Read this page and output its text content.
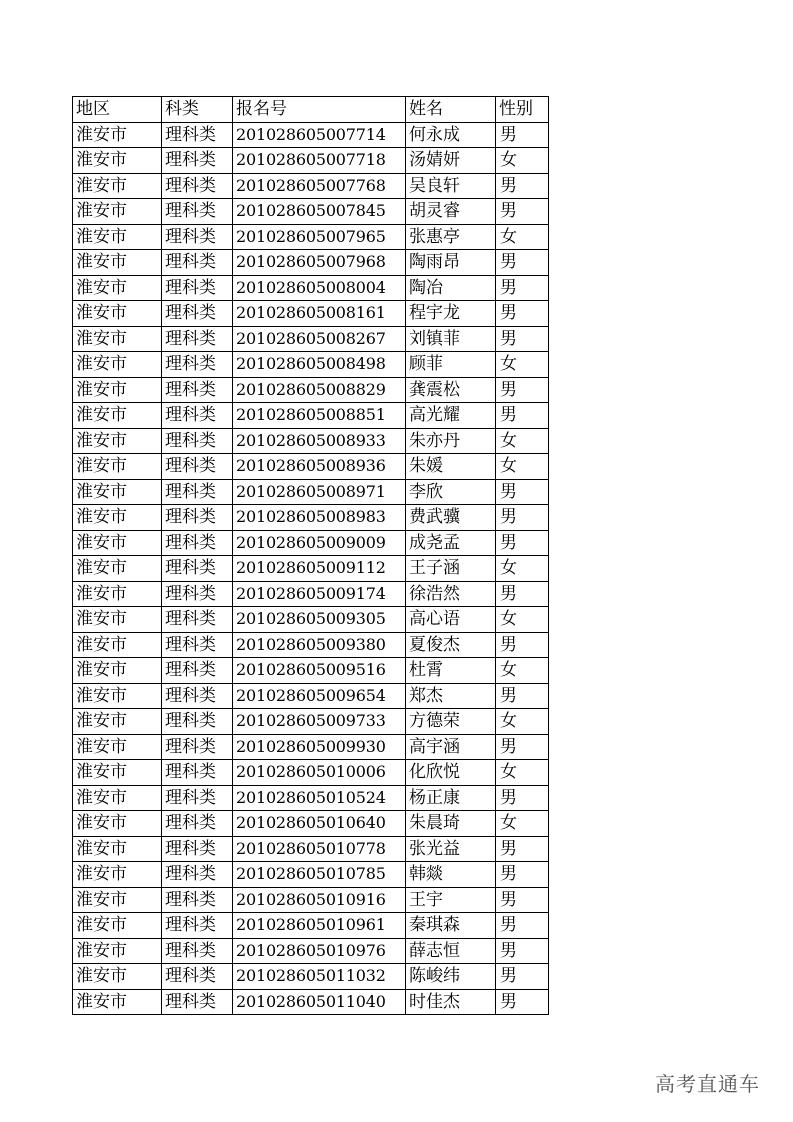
地区	科类	报名号	姓名	性别
淮安市	理科类	201028605007714	何永成	男
淮安市	理科类	201028605007718	汤婧妍	女
淮安市	理科类	201028605007768	吴良轩	男
淮安市	理科类	201028605007845	胡灵睿	男
淮安市	理科类	201028605007965	张惠亭	女
淮安市	理科类	201028605007968	陶雨昂	男
淮安市	理科类	201028605008004	陶冶	男
淮安市	理科类	201028605008161	程宇龙	男
淮安市	理科类	201028605008267	刘镇菲	男
淮安市	理科类	201028605008498	顾菲	女
淮安市	理科类	201028605008829	龚震松	男
淮安市	理科类	201028605008851	高光耀	男
淮安市	理科类	201028605008933	朱亦丹	女
淮安市	理科类	201028605008936	朱媛	女
淮安市	理科类	201028605008971	李欣	男
淮安市	理科类	201028605008983	费武骥	男
淮安市	理科类	201028605009009	成尧孟	男
淮安市	理科类	201028605009112	王子涵	女
淮安市	理科类	201028605009174	徐浩然	男
淮安市	理科类	201028605009305	高心语	女
淮安市	理科类	201028605009380	夏俊杰	男
淮安市	理科类	201028605009516	杜霄	女
淮安市	理科类	201028605009654	郑杰	男
淮安市	理科类	201028605009733	方德荣	女
淮安市	理科类	201028605009930	高宇涵	男
淮安市	理科类	201028605010006	化欣悦	女
淮安市	理科类	201028605010524	杨正康	男
淮安市	理科类	201028605010640	朱晨琦	女
淮安市	理科类	201028605010778	张光益	男
淮安市	理科类	201028605010785	韩燚	男
淮安市	理科类	201028605010916	王宇	男
淮安市	理科类	201028605010961	秦琪森	男
淮安市	理科类	201028605010976	薛志恒	男
淮安市	理科类	201028605011032	陈峻纬	男
淮安市	理科类	201028605011040	时佳杰	男
高考直通车
